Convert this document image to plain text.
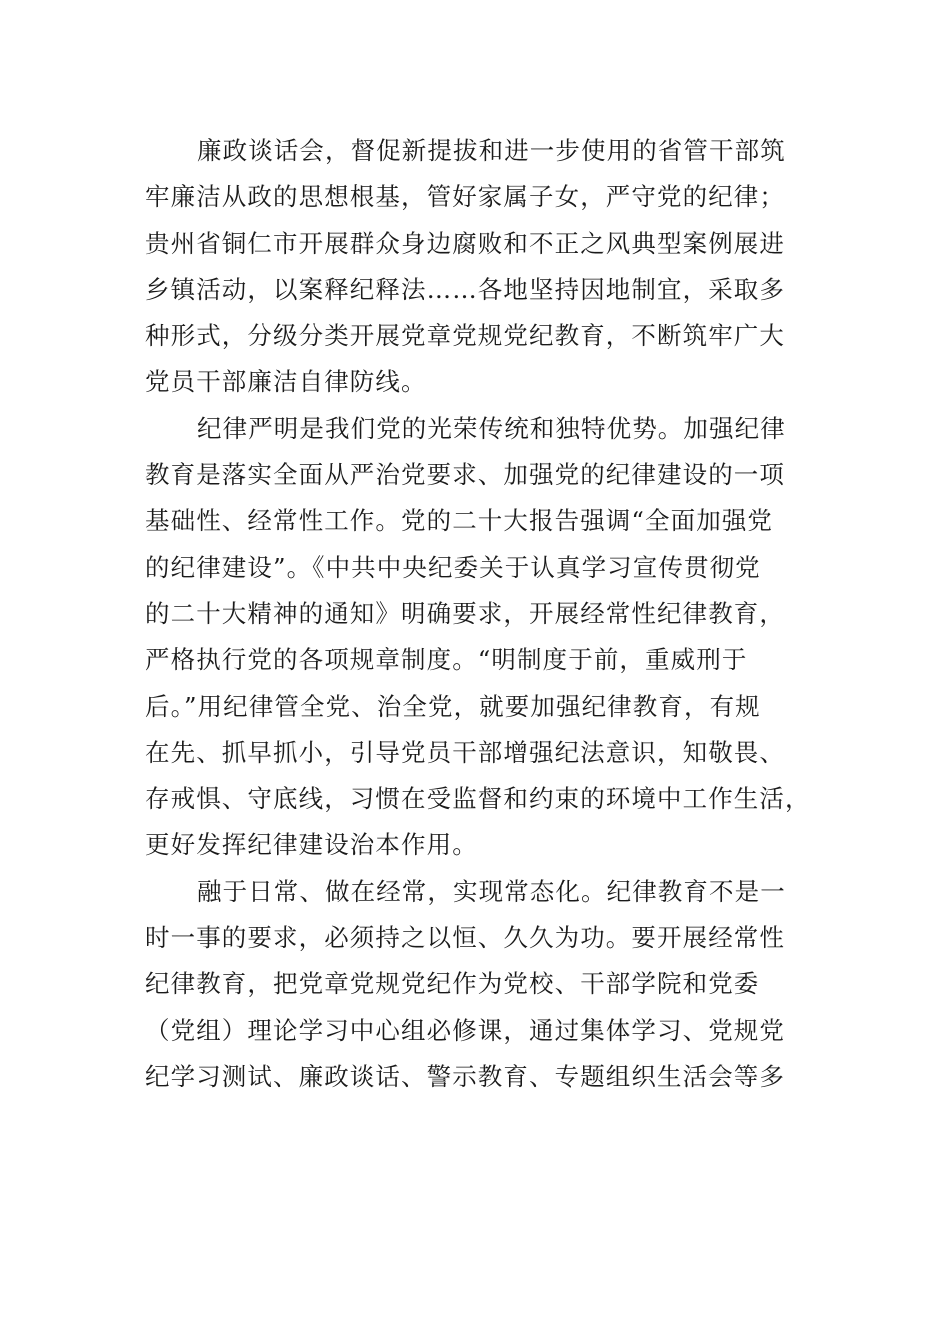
廉政谈话会，督促新提拔和进一步使用的省管干部筑
牢廉洁从政的思想根基，管好家属子女，严守党的纪律；
贵州省铜仁市开展群众身边腐败和不正之风典型案例展进
乡镇活动，以案释纪释法……各地坚持因地制宜，采取多
种形式，分级分类开展党章党规党纪教育，不断筑牢广大
党员干部廉洁自律防线。
纪律严明是我们党的光荣传统和独特优势。加强纪律
教育是落实全面从严治党要求、加强党的纪律建设的一项
基础性、经常性工作。党的二十大报告强调“全面加强党
的纪律建设”。《中共中央纪委关于认真学习宣传贯彻党
的二十大精神的通知》明确要求，开展经常性纪律教育，
严格执行党的各项规章制度。“明制度于前，重威刑于
后。”用纪律管全党、治全党，就要加强纪律教育，有规
在先、抓早抓小，引导党员干部增强纪法意识，知敬畏、
存戒惧、守底线，习惯在受监督和约束的环境中工作生活，
更好发挥纪律建设治本作用。
融于日常、做在经常，实现常态化。纪律教育不是一
时一事的要求，必须持之以恒、久久为功。要开展经常性
纪律教育，把党章党规党纪作为党校、干部学院和党委
（党组）理论学习中心组必修课，通过集体学习、党规党
纪学习测试、廉政谈话、警示教育、专题组织生活会等多
